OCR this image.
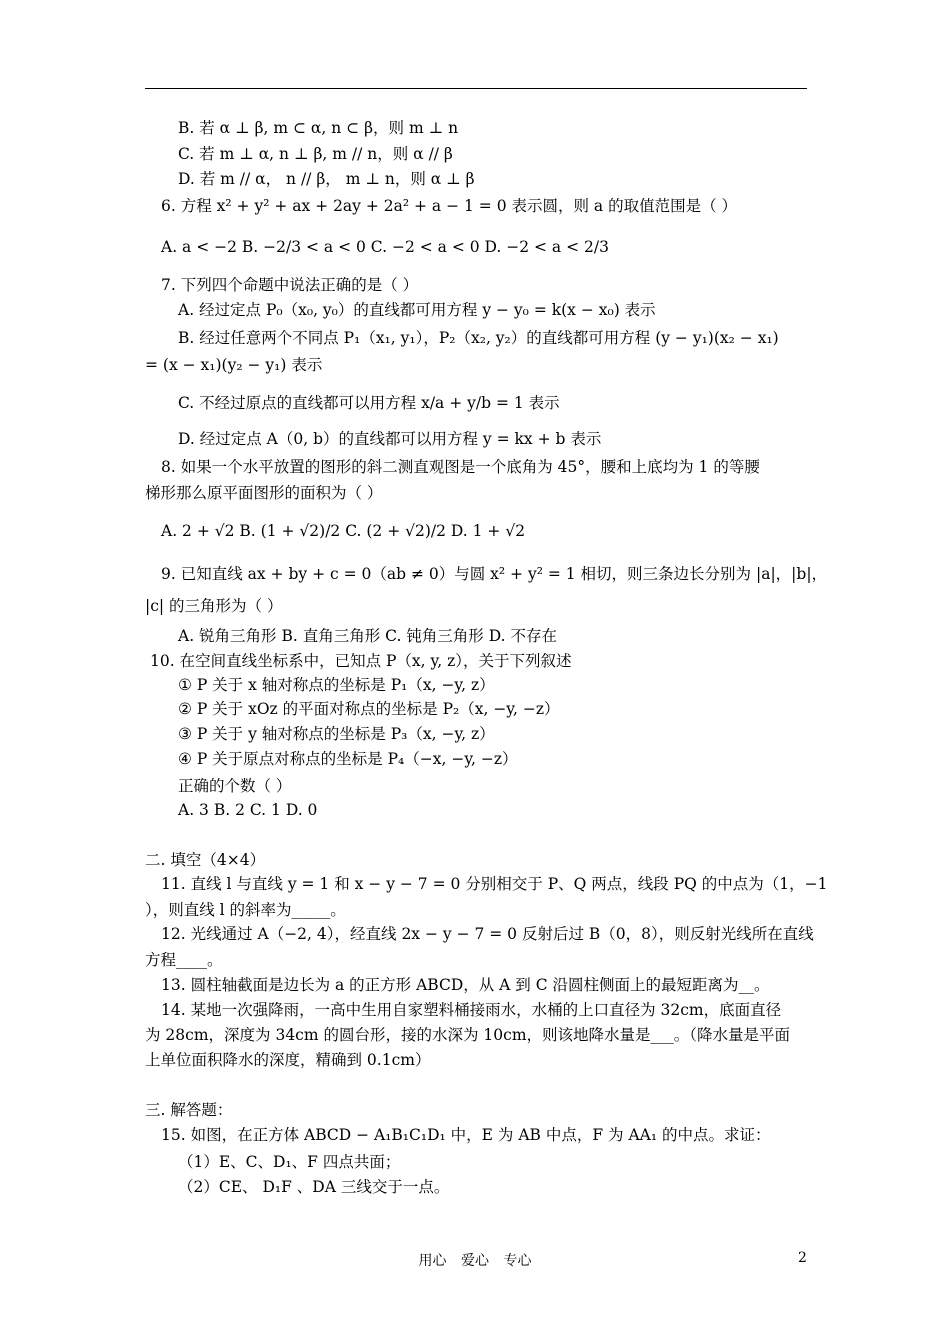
B. 若 α ⊥ β, m ⊂ α, n ⊂ β，则 m ⊥ n
C. 若 m ⊥ α, n ⊥ β, m // n，则 α // β
D. 若 m // α， n // β， m ⊥ n，则 α ⊥ β
6. 方程 x² + y² + ax + 2ay + 2a² + a − 1 = 0 表示圆，则 a 的取值范围是（ ）
A. a < −2 B. −2/3 < a < 0 C. −2 < a < 0 D. −2 < a < 2/3
7. 下列四个命题中说法正确的是（ ）
A. 经过定点 P₀（x₀, y₀）的直线都可用方程 y − y₀ = k(x − x₀) 表示
B. 经过任意两个不同点 P₁（x₁, y₁），P₂（x₂, y₂）的直线都可用方程 (y − y₁)(x₂ − x₁)
= (x − x₁)(y₂ − y₁) 表示
C. 不经过原点的直线都可以用方程 x/a + y/b = 1 表示
D. 经过定点 A（0, b）的直线都可以用方程 y = kx + b 表示
8. 如果一个水平放置的图形的斜二测直观图是一个底角为 45°，腰和上底均为 1 的等腰
梯形那么原平面图形的面积为（ ）
A. 2 + √2 B. (1 + √2)/2 C. (2 + √2)/2 D. 1 + √2
9. 已知直线 ax + by + c = 0（ab ≠ 0）与圆 x² + y² = 1 相切，则三条边长分别为 |a|，|b|，
|c| 的三角形为（ ）
A. 锐角三角形 B. 直角三角形 C. 钝角三角形 D. 不存在
10. 在空间直线坐标系中，已知点 P（x, y, z），关于下列叙述
① P 关于 x 轴对称点的坐标是 P₁（x, −y, z）
② P 关于 xOz 的平面对称点的坐标是 P₂（x, −y, −z）
③ P 关于 y 轴对称点的坐标是 P₃（x, −y, z）
④ P 关于原点对称点的坐标是 P₄（−x, −y, −z）
正确的个数（ ）
A. 3 B. 2 C. 1 D. 0
二. 填空（4×4）
11. 直线 l 与直线 y = 1 和 x − y − 7 = 0 分别相交于 P、Q 两点，线段 PQ 的中点为（1，−1
），则直线 l 的斜率为_____。
12. 光线通过 A（−2, 4），经直线 2x − y − 7 = 0 反射后过 B（0，8），则反射光线所在直线
方程____。
13. 圆柱轴截面是边长为 a 的正方形 ABCD，从 A 到 C 沿圆柱侧面上的最短距离为__。
14. 某地一次强降雨，一高中生用自家塑料桶接雨水，水桶的上口直径为 32cm，底面直径
为 28cm，深度为 34cm 的圆台形，接的水深为 10cm，则该地降水量是___。（降水量是平面
上单位面积降水的深度，精确到 0.1cm）
三. 解答题：
15. 如图，在正方体 ABCD − A₁B₁C₁D₁ 中，E 为 AB 中点，F 为 AA₁ 的中点。求证：
（1）E、C、D₁、F 四点共面；
（2）CE、 D₁F 、DA 三线交于一点。
用心 爱心 专心	2
